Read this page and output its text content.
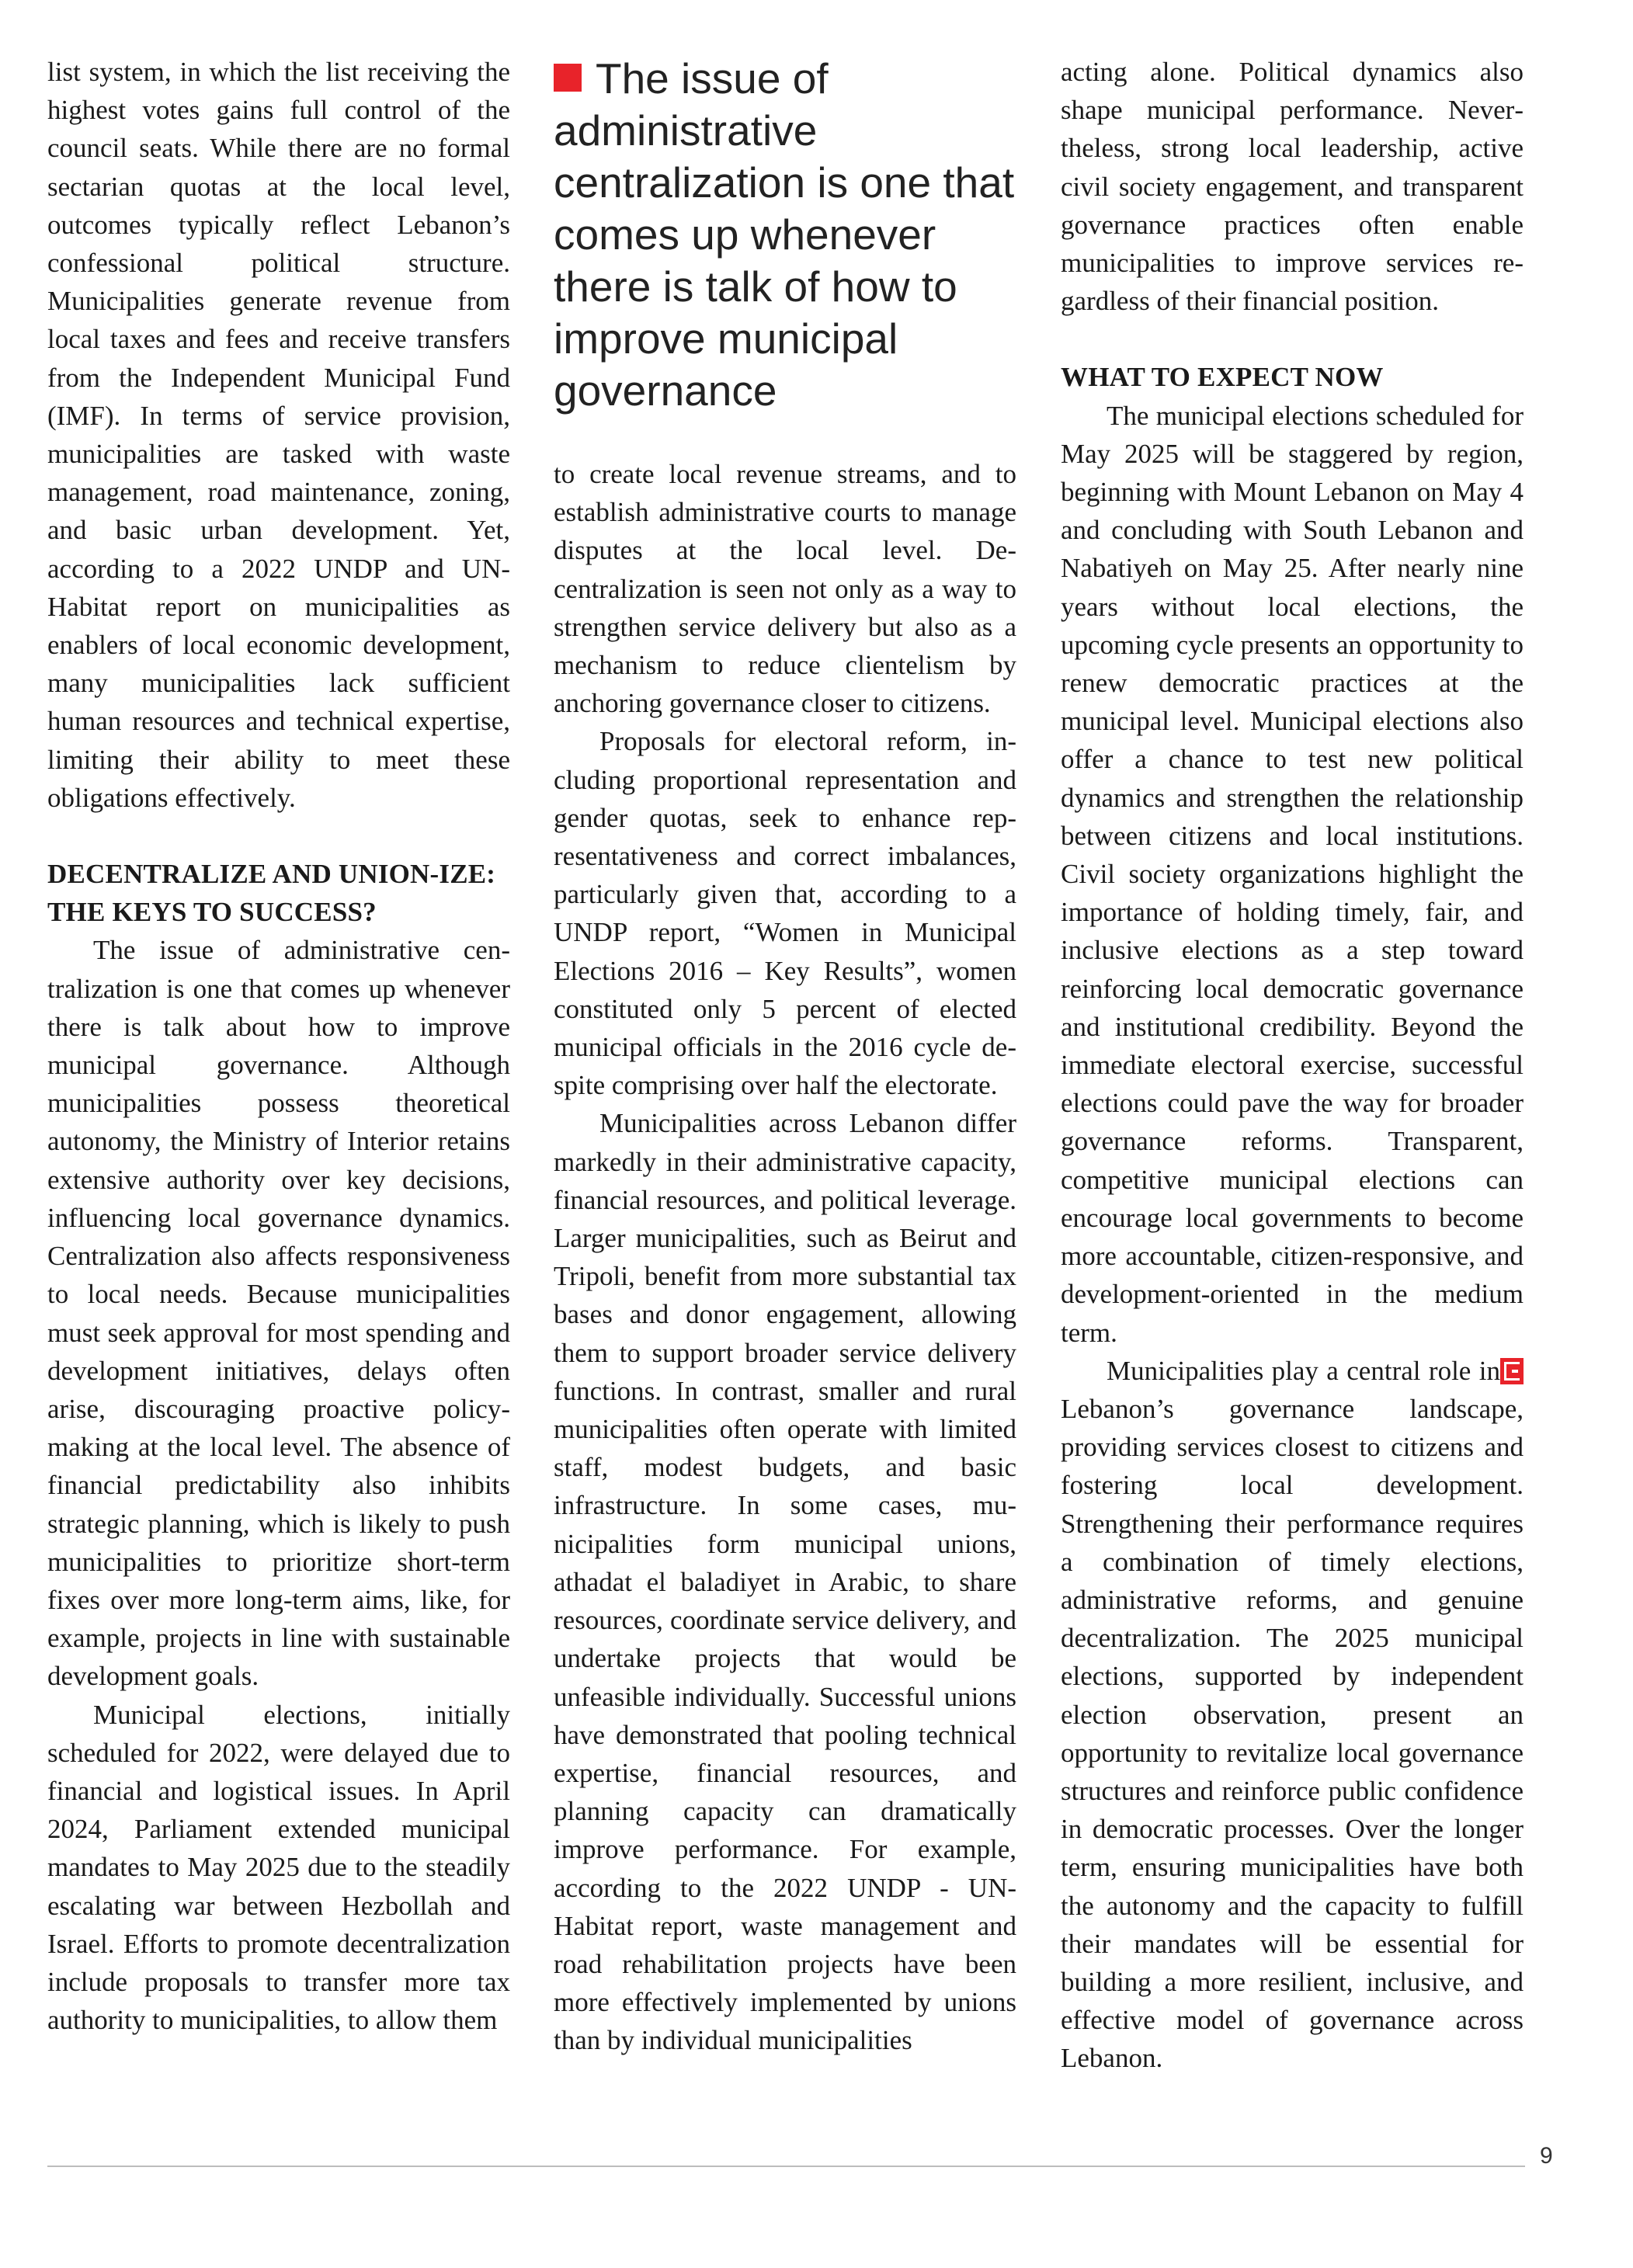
list system, in which the list receiving the highest votes gains full control of the council seats. While there are no formal sectarian quotas at the local level, outcomes typically reflect Lebanon’s confessional political structure. Municipalities generate revenue from local taxes and fees and receive transfers from the Independent Municipal Fund (IMF). In terms of service provision, municipalities are tasked with waste management, road maintenance, zoning, and basic urban development. Yet, according to a 2022 UNDP and UN-Habitat report on municipalities as enablers of local economic development, many municipalities lack sufficient human resources and technical expertise, limiting their ability to meet these obligations effectively.

DECENTRALIZE AND UNION-IZE: THE KEYS TO SUCCESS?

The issue of administrative centralization is one that comes up whenever there is talk about how to improve municipal governance. Although municipalities possess theoretical autonomy, the Ministry of Interior retains extensive authority over key decisions, influencing local governance dynamics. Centralization also affects responsiveness to local needs. Because municipalities must seek approval for most spending and development initiatives, delays often arise, discouraging proactive policymaking at the local level. The absence of financial predictability also inhibits strategic planning, which is likely to push municipalities to prioritize short-term fixes over more long-term aims, like, for example, projects in line with sustainable development goals.

Municipal elections, initially scheduled for 2022, were delayed due to financial and logistical issues. In April 2024, Parliament extended municipal mandates to May 2025 due to the steadily escalating war between Hezbollah and Israel. Efforts to promote decentralization include proposals to transfer more tax authority to municipalities, to allow them

The issue of administrative centralization is one that comes up whenever there is talk of how to improve municipal governance

to create local revenue streams, and to establish administrative courts to manage disputes at the local level. Decentralization is seen not only as a way to strengthen service delivery but also as a mechanism to reduce clientelism by anchoring governance closer to citizens.

Proposals for electoral reform, including proportional representation and gender quotas, seek to enhance representativeness and correct imbalances, particularly given that, according to a UNDP report, “Women in Municipal Elections 2016 – Key Results”, women constituted only 5 percent of elected municipal officials in the 2016 cycle despite comprising over half the electorate.

Municipalities across Lebanon differ markedly in their administrative capacity, financial resources, and political leverage. Larger municipalities, such as Beirut and Tripoli, benefit from more substantial tax bases and donor engagement, allowing them to support broader service delivery functions. In contrast, smaller and rural municipalities often operate with limited staff, modest budgets, and basic infrastructure. In some cases, municipalities form municipal unions, athadat el baladiyet in Arabic, to share resources, coordinate service delivery, and undertake projects that would be unfeasible individually. Successful unions have demonstrated that pooling technical expertise, financial resources, and planning capacity can dramatically improve performance. For example, according to the 2022 UNDP - UN-Habitat report, waste management and road rehabilitation projects have been more effectively implemented by unions than by individual municipalities

acting alone. Political dynamics also shape municipal performance. Nevertheless, strong local leadership, active civil society engagement, and transparent governance practices often enable municipalities to improve services regardless of their financial position.

WHAT TO EXPECT NOW

The municipal elections scheduled for May 2025 will be staggered by region, beginning with Mount Lebanon on May 4 and concluding with South Lebanon and Nabatiyeh on May 25. After nearly nine years without local elections, the upcoming cycle presents an opportunity to renew democratic practices at the municipal level. Municipal elections also offer a chance to test new political dynamics and strengthen the relationship between citizens and local institutions. Civil society organizations highlight the importance of holding timely, fair, and inclusive elections as a step toward reinforcing local democratic governance and institutional credibility. Beyond the immediate electoral exercise, successful elections could pave the way for broader governance reforms. Transparent, competitive municipal elections can encourage local governments to become more accountable, citizen-responsive, and development-oriented in the medium term.

Municipalities play a central role in Lebanon’s governance landscape, providing services closest to citizens and fostering local development. Strengthening their performance requires a combination of timely elections, administrative reforms, and genuine decentralization. The 2025 municipal elections, supported by independent election observation, present an opportunity to revitalize local governance structures and reinforce public confidence in democratic processes. Over the longer term, ensuring municipalities have both the autonomy and the capacity to fulfill their mandates will be essential for building a more resilient, inclusive, and effective model of governance across Lebanon.

9
